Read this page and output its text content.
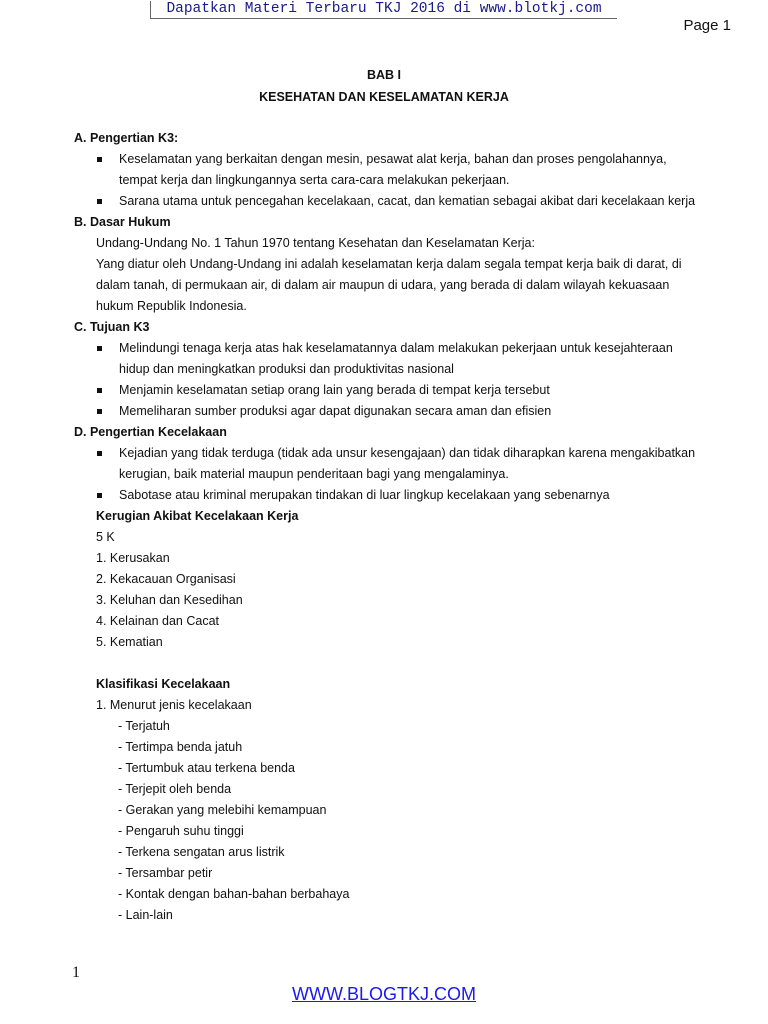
Dapatkan Materi Terbaru TKJ 2016 di www.blotkj.com
Page 1
BAB I
KESEHATAN DAN KESELAMATAN KERJA
A. Pengertian K3:
Keselamatan yang berkaitan dengan mesin, pesawat alat kerja, bahan dan proses pengolahannya, tempat kerja dan lingkungannya serta cara-cara melakukan pekerjaan.
Sarana utama untuk pencegahan kecelakaan, cacat, dan kematian sebagai akibat dari kecelakaan kerja
B. Dasar Hukum
Undang-Undang No. 1 Tahun 1970 tentang Kesehatan dan Keselamatan Kerja:
Yang diatur oleh Undang-Undang ini adalah keselamatan kerja dalam segala tempat kerja baik di darat, di dalam tanah, di permukaan air, di dalam air maupun di udara, yang berada di dalam wilayah kekuasaan hukum Republik Indonesia.
C. Tujuan K3
Melindungi tenaga kerja atas hak keselamatannya dalam melakukan pekerjaan untuk kesejahteraan hidup dan meningkatkan produksi dan produktivitas nasional
Menjamin keselamatan setiap orang lain yang berada di tempat kerja tersebut
Memeliharan sumber produksi agar dapat digunakan secara aman dan efisien
D. Pengertian Kecelakaan
Kejadian yang tidak terduga (tidak ada unsur kesengajaan) dan tidak diharapkan karena mengakibatkan kerugian, baik material maupun penderitaan bagi yang mengalaminya.
Sabotase atau kriminal merupakan tindakan di luar lingkup kecelakaan yang sebenarnya
Kerugian Akibat Kecelakaan Kerja
5 K
1. Kerusakan
2. Kekacauan Organisasi
3. Keluhan dan Kesedihan
4. Kelainan dan Cacat
5. Kematian
Klasifikasi Kecelakaan
1. Menurut jenis kecelakaan
- Terjatuh
- Tertimpa benda jatuh
- Tertumbuk atau terkena benda
- Terjepit oleh benda
- Gerakan yang melebihi kemampuan
- Pengaruh suhu tinggi
- Terkena sengatan arus listrik
- Tersambar petir
- Kontak dengan bahan-bahan berbahaya
- Lain-lain
1
WWW.BLOGTKJ.COM
